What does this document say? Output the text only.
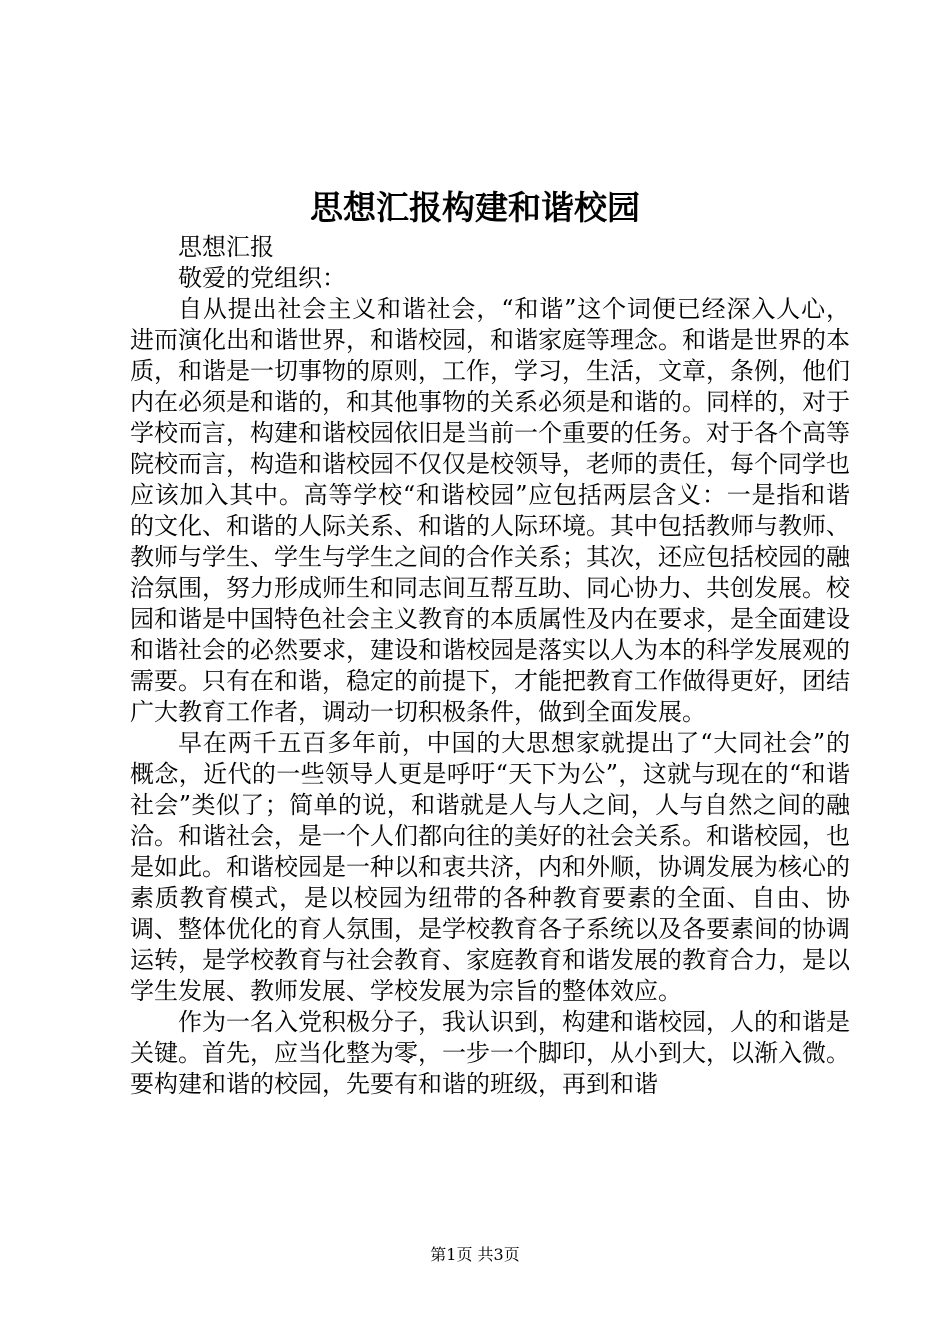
思想汇报构建和谐校园

思想汇报

敬爱的党组织：

自从提出社会主义和谐社会，“和谐”这个词便已经深入人心，进而演化出和谐世界，和谐校园，和谐家庭等理念。和谐是世界的本质，和谐是一切事物的原则，工作，学习，生活，文章，条例，他们内在必须是和谐的，和其他事物的关系必须是和谐的。同样的，对于学校而言，构建和谐校园依旧是当前一个重要的任务。对于各个高等院校而言，构造和谐校园不仅仅是校领导，老师的责任，每个同学也应该加入其中。高等学校“和谐校园”应包括两层含义：一是指和谐的文化、和谐的人际关系、和谐的人际环境。其中包括教师与教师、教师与学生、学生与学生之间的合作关系；其次，还应包括校园的融洽氛围，努力形成师生和同志间互帮互助、同心协力、共创发展。校园和谐是中国特色社会主义教育的本质属性及内在要求，是全面建设和谐社会的必然要求，建设和谐校园是落实以人为本的科学发展观的需要。只有在和谐，稳定的前提下，才能把教育工作做得更好，团结广大教育工作者，调动一切积极条件，做到全面发展。

早在两千五百多年前，中国的大思想家就提出了“大同社会”的概念，近代的一些领导人更是呼吁“天下为公”，这就与现在的“和谐社会”类似了；简单的说，和谐就是人与人之间，人与自然之间的融洽。和谐社会，是一个人们都向往的美好的社会关系。和谐校园，也是如此。和谐校园是一种以和衷共济，内和外顺，协调发展为核心的素质教育模式，是以校园为纽带的各种教育要素的全面、自由、协调、整体优化的育人氛围，是学校教育各子系统以及各要素间的协调运转，是学校教育与社会教育、家庭教育和谐发展的教育合力，是以学生发展、教师发展、学校发展为宗旨的整体效应。

作为一名入党积极分子，我认识到，构建和谐校园，人的和谐是关键。首先，应当化整为零，一步一个脚印，从小到大，以渐入微。要构建和谐的校园，先要有和谐的班级，再到和谐

第1页 共3页
